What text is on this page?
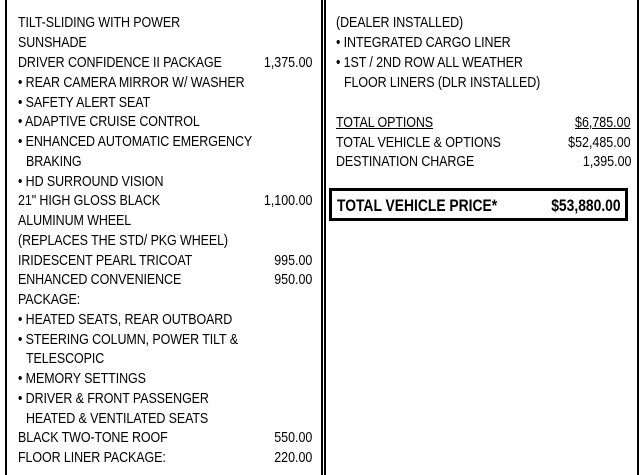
TILT-SLIDING WITH POWER
SUNSHADE
DRIVER CONFIDENCE II PACKAGE	1,375.00
• REAR CAMERA MIRROR W/ WASHER
• SAFETY ALERT SEAT
• ADAPTIVE CRUISE CONTROL
• ENHANCED AUTOMATIC EMERGENCY
BRAKING
• HD SURROUND VISION
21" HIGH GLOSS BLACK	1,100.00
ALUMINUM WHEEL
(REPLACES THE STD/ PKG WHEEL)
IRIDESCENT PEARL TRICOAT	995.00
ENHANCED CONVENIENCE	950.00
PACKAGE:
• HEATED SEATS, REAR OUTBOARD
• STEERING COLUMN, POWER TILT &
TELESCOPIC
• MEMORY SETTINGS
• DRIVER & FRONT PASSENGER
HEATED & VENTILATED SEATS
BLACK TWO-TONE ROOF	550.00
FLOOR LINER PACKAGE:	220.00
(DEALER INSTALLED)
• INTEGRATED CARGO LINER
• 1ST / 2ND ROW ALL WEATHER
FLOOR LINERS (DLR INSTALLED)
TOTAL OPTIONS	$6,785.00
TOTAL VEHICLE & OPTIONS	$52,485.00
DESTINATION CHARGE	1,395.00
TOTAL VEHICLE PRICE*	$53,880.00
